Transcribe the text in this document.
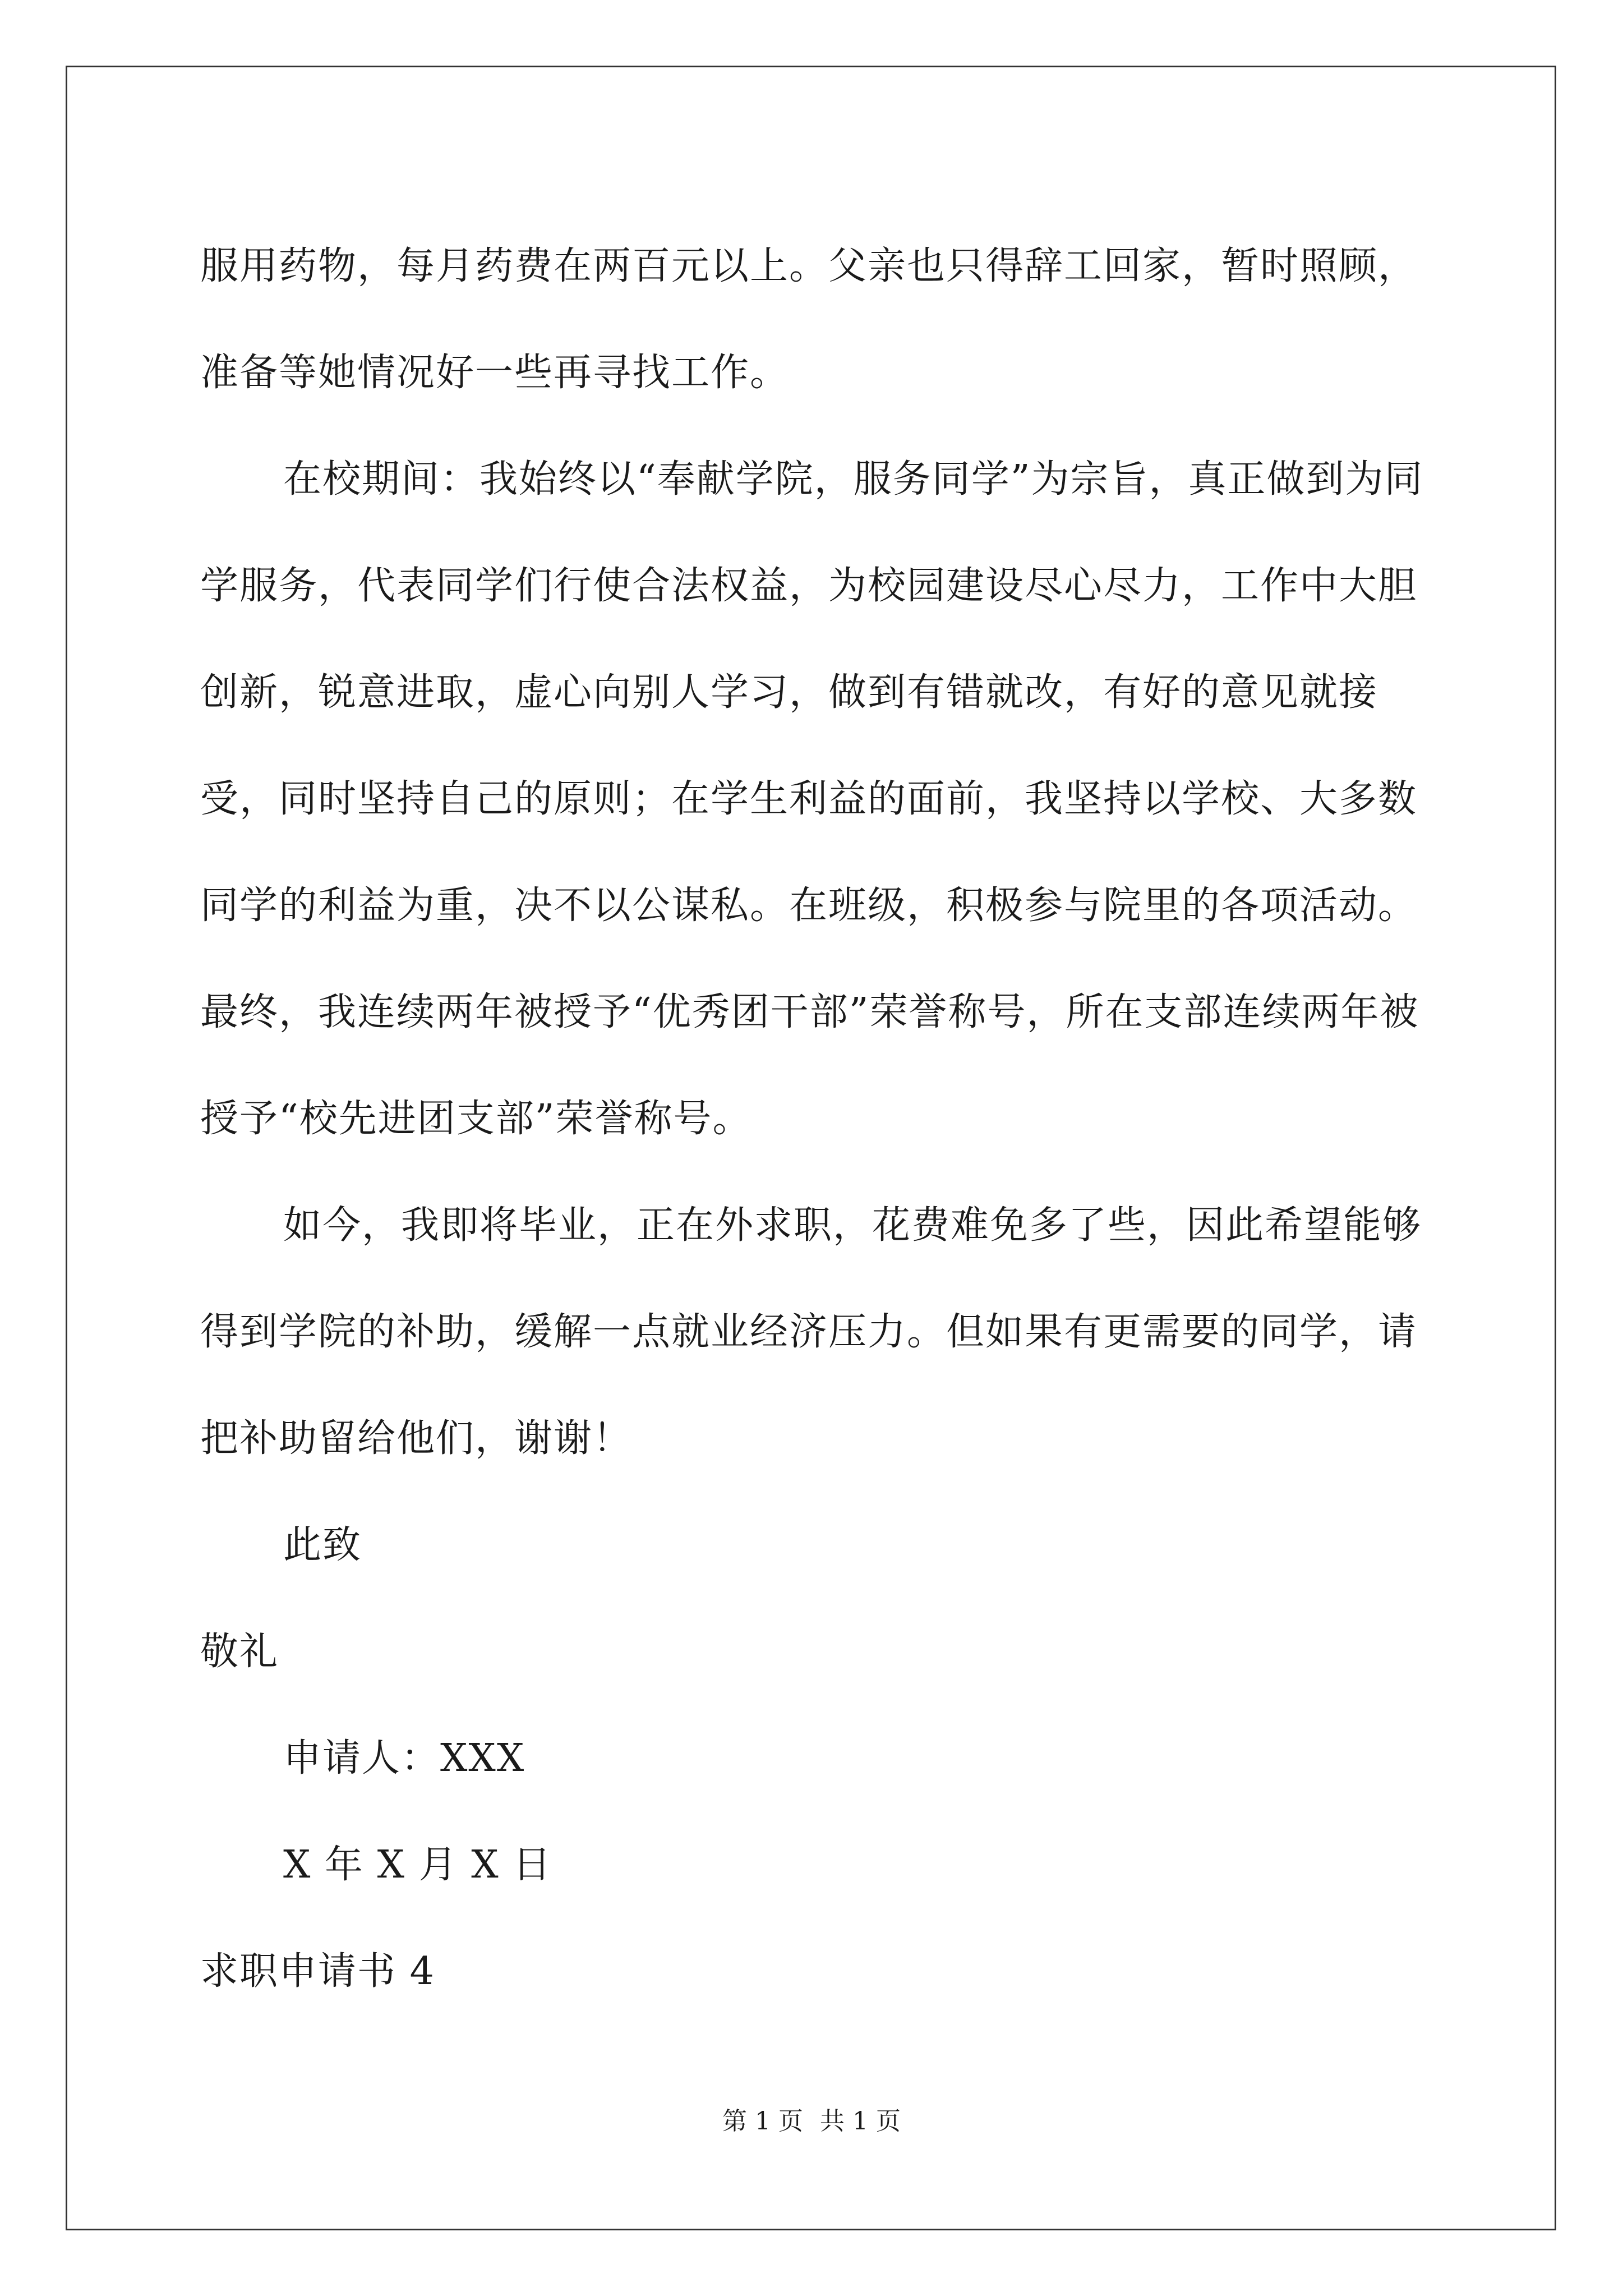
服用药物，每月药费在两百元以上。父亲也只得辞工回家，暂时照顾，准备等她情况好一些再寻找工作。

在校期间：我始终以“奉献学院，服务同学”为宗旨，真正做到为同学服务，代表同学们行使合法权益，为校园建设尽心尽力，工作中大胆创新，锐意进取，虚心向别人学习，做到有错就改，有好的意见就接受，同时坚持自己的原则；在学生利益的面前，我坚持以学校、大多数同学的利益为重，决不以公谋私。在班级，积极参与院里的各项活动。最终，我连续两年被授予“优秀团干部”荣誉称号，所在支部连续两年被授予“校先进团支部”荣誉称号。

如今，我即将毕业，正在外求职，花费难免多了些，因此希望能够得到学院的补助，缓解一点就业经济压力。但如果有更需要的同学，请把补助留给他们，谢谢！

此致

敬礼

申请人：XXX

X 年 X 月 X 日

求职申请书 4

第 1 页 共 1 页
